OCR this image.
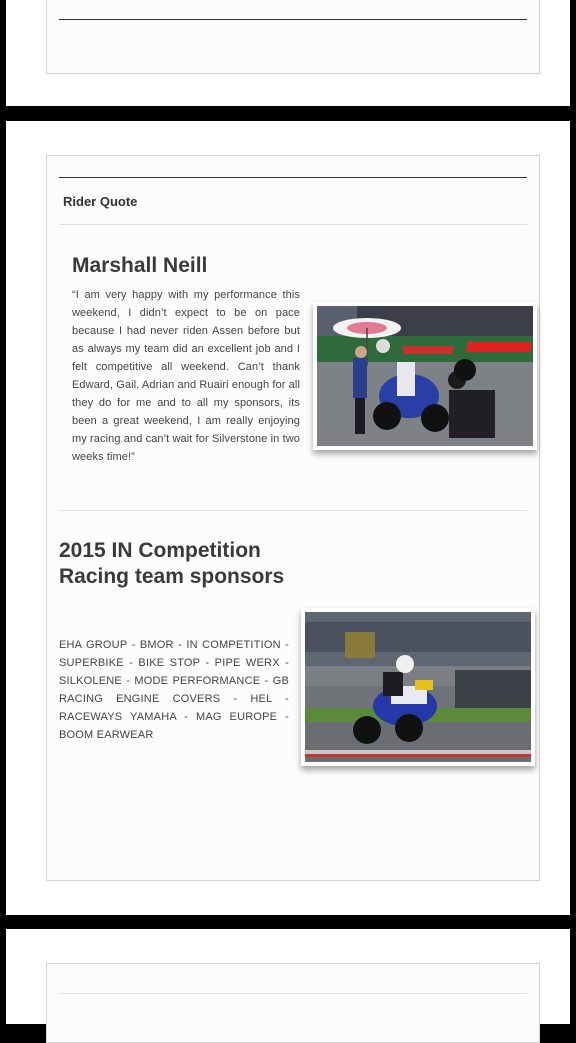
Rider Quote
Marshall Neill
“I am very happy with my performance this weekend, I didn’t expect to be on pace because I had never riden Assen before but as always my team did an excellent job and I felt competitive all weekend. Can’t thank Edward, Gail, Adrian and Ruairi enough for all they do for me and to all my sponsors, its been a great weekend, I am really enjoying my racing and can’t wait for Silverstone in two weeks time!”
2015 IN Competition Racing team sponsors
EHA GROUP - BMOR - IN COMPETITION - SUPERBIKE - BIKE STOP - PIPE WERX - SILKOLENE - MODE PERFORMANCE - GB RACING ENGINE COVERS - HEL - RACEWAYS YAMAHA - MAG EUROPE - BOOM EARWEAR
